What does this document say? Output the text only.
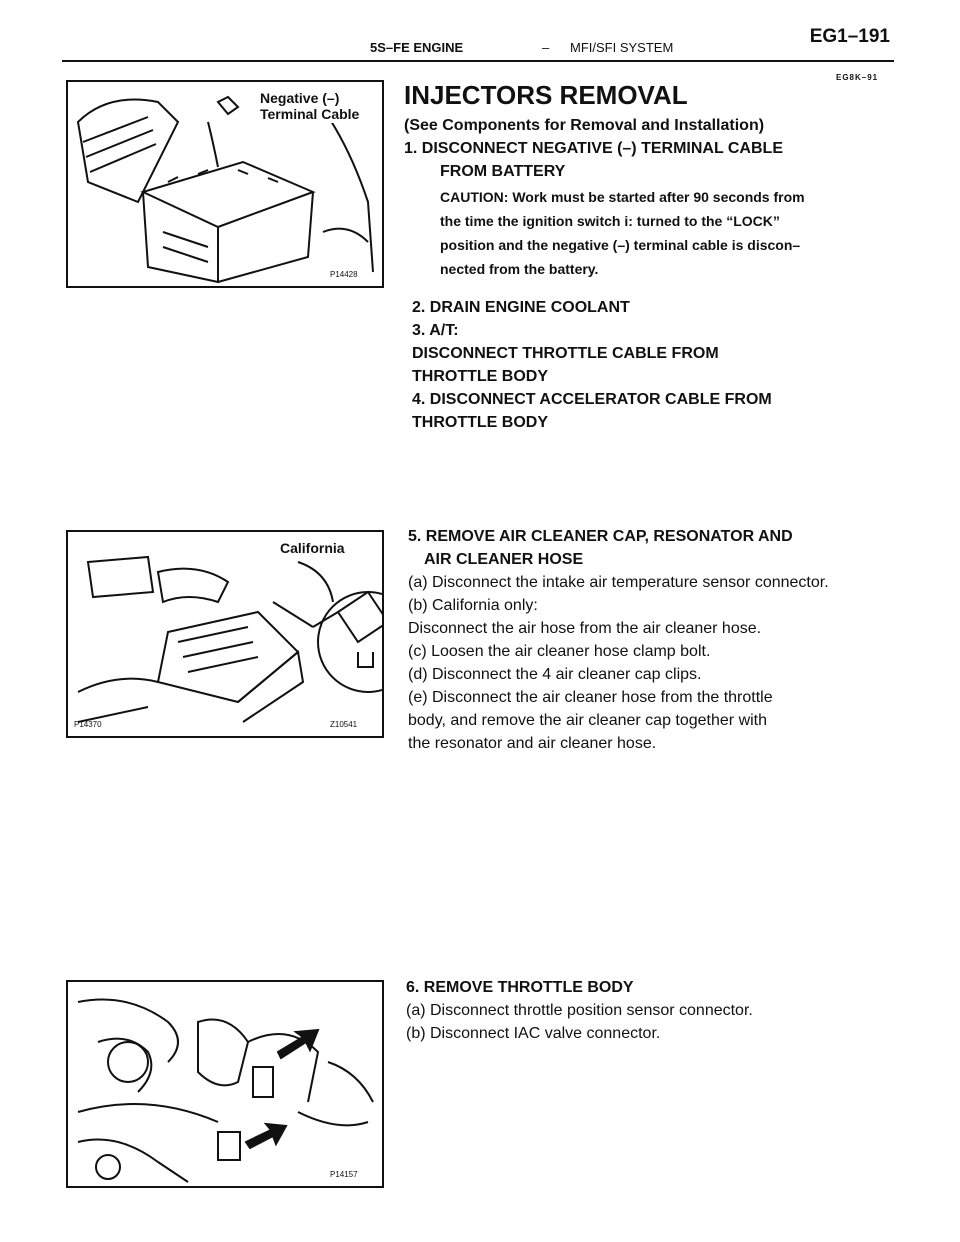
5S–FE ENGINE	– MFI/SFI SYSTEM
EG1–191
EG8K–91
Negative (–)
Terminal Cable
P14428
INJECTORS REMOVAL
(See Components for Removal and Installation)
1. DISCONNECT NEGATIVE (–) TERMINAL CABLE
FROM BATTERY
CAUTION: Work must be started after 90 seconds from
the time the ignition switch i: turned to the “LOCK”
position and the negative (–) terminal cable is discon–
nected from the battery.
2. DRAIN ENGINE COOLANT
3. A/T:
DISCONNECT THROTTLE CABLE FROM
THROTTLE BODY
4. DISCONNECT ACCELERATOR CABLE FROM
THROTTLE BODY
California
P14370	Z10541
5. REMOVE AIR CLEANER CAP, RESONATOR AND
AIR CLEANER HOSE
(a) Disconnect the intake air temperature sensor connector.
(b) California only:
Disconnect the air hose from the air cleaner hose.
(c) Loosen the air cleaner hose clamp bolt.
(d) Disconnect the 4 air cleaner cap clips.
(e) Disconnect the air cleaner hose from the throttle
body, and remove the air cleaner cap together with
the resonator and air cleaner hose.
P14157
6. REMOVE THROTTLE BODY
(a) Disconnect throttle position sensor connector.
(b) Disconnect IAC valve connector.
